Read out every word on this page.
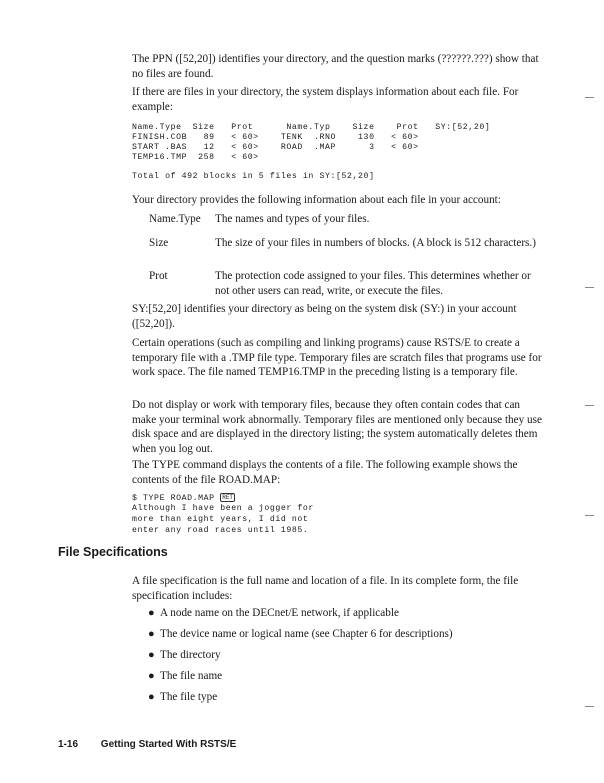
The PPN ([52,20]) identifies your directory, and the question marks (??????.???) show that no files are found.
If there are files in your directory, the system displays information about each file. For example:
Name.Type  Size   Prot      Name.Typ    Size    Prot   SY:[52,20]
FINISH.COB   89   < 60>    TENK  .RNO    130   < 60>
START .BAS   12   < 60>    ROAD  .MAP      3   < 60>
TEMP16.TMP  258   < 60>
Total of 492 blocks in 5 files in SY:[52,20]
Your directory provides the following information about each file in your account:
Name.Type The names and types of your files.
Size	The size of your files in numbers of blocks. (A block is 512 characters.)
Prot	The protection code assigned to your files. This determines whether or not other users can read, write, or execute the files.
SY:[52,20] identifies your directory as being on the system disk (SY:) in your account ([52,20]).
Certain operations (such as compiling and linking programs) cause RSTS/E to create a temporary file with a .TMP file type. Temporary files are scratch files that programs use for work space. The file named TEMP16.TMP in the preceding listing is a temporary file.
Do not display or work with temporary files, because they often contain codes that can make your terminal work abnormally. Temporary files are mentioned only because they use disk space and are displayed in the directory listing; the system automatically deletes them when you log out.
The TYPE command displays the contents of a file. The following example shows the contents of the file ROAD.MAP:
$ TYPE ROAD.MAP RET
Although I have been a jogger for
more than eight years, I did not
enter any road races until 1985.
File Specifications
A file specification is the full name and location of a file. In its complete form, the file specification includes:
● A node name on the DECnet/E network, if applicable
● The device name or logical name (see Chapter 6 for descriptions)
● The directory
● The file name
● The file type
1-16 Getting Started With RSTS/E
